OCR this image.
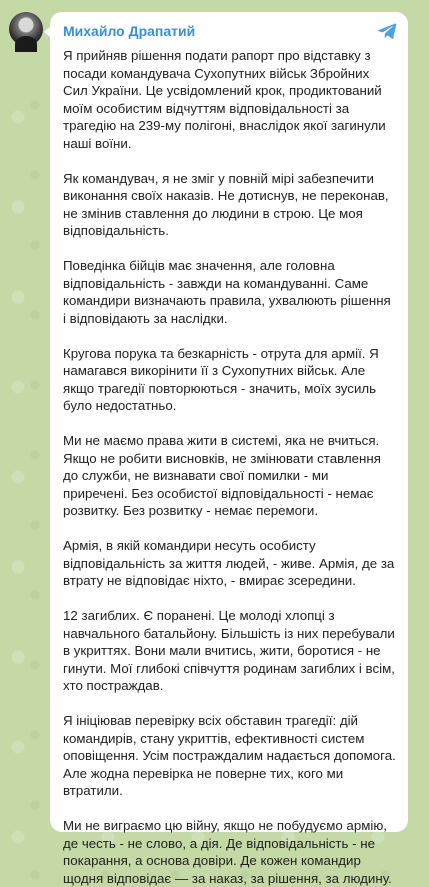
Михайло Драпатий

Я прийняв рішення подати рапорт про відставку з посади командувача Сухопутних військ Збройних Сил України. Це усвідомлений крок, продиктований моїм особистим відчуттям відповідальності за трагедію на 239-му полігоні, внаслідок якої загинули наші воїни.

Як командувач, я не зміг у повній мірі забезпечити виконання своїх наказів. Не дотиснув, не переконав, не змінив ставлення до людини в строю. Це моя відповідальність.

Поведінка бійців має значення, але головна відповідальність - завжди на командуванні. Саме командири визначають правила, ухвалюють рішення і відповідають за наслідки.

Кругова порука та безкарність - отрута для армії. Я намагався викорінити її з Сухопутних військ. Але якщо трагедії повторюються - значить, моїх зусиль було недостатньо.

Ми не маємо права жити в системі, яка не вчиться. Якщо не робити висновків, не змінювати ставлення до служби, не визнавати свої помилки - ми приречені. Без особистої відповідальності - немає розвитку. Без розвитку - немає перемоги.

Армія, в якій командири несуть особисту відповідальність за життя людей, - живе. Армія, де за втрату не відповідає ніхто, - вмирає зсередини.

12 загиблих. Є поранені. Це молоді хлопці з навчального батальйону. Більшість із них перебували в укриттях. Вони мали вчитись, жити, боротися - не гинути. Мої глибокі співчуття родинам загиблих і всім, хто постраждав.

Я ініціював перевірку всіх обставин трагедії: дій командирів, стану укриттів, ефективності систем оповіщення. Усім постраждалим надається допомога. Але жодна перевірка не поверне тих, кого ми втратили.

Ми не виграємо цю війну, якщо не побудуємо армію, де честь - не слово, а дія. Де відповідальність - не покарання, а основа довіри. Де кожен командир щодня відповідає — за наказ, за рішення, за людину.
